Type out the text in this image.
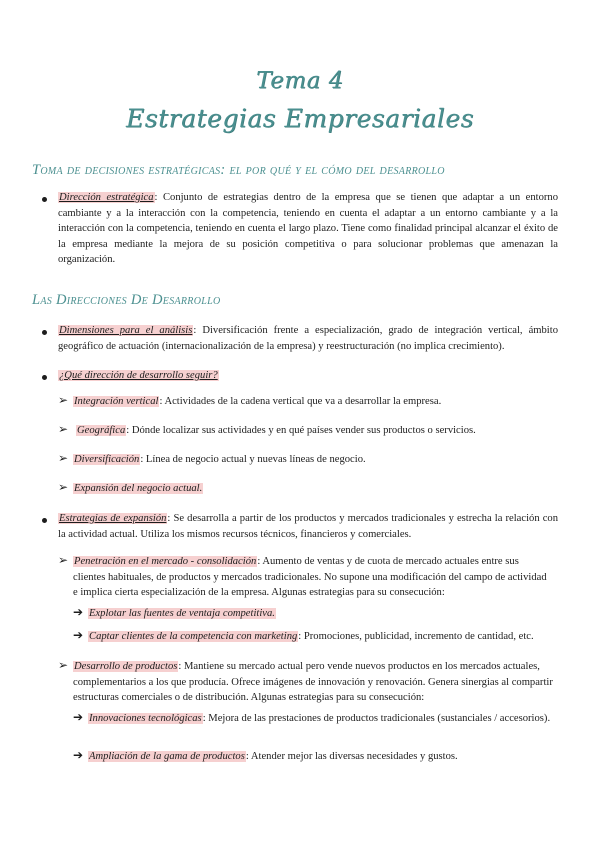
Tema 4
Estrategias Empresariales
Toma de decisiones estratégicas: el por qué y el cómo del desarrollo
Dirección estratégica: Conjunto de estrategias dentro de la empresa que se tienen que adaptar a un entorno cambiante y a la interacción con la competencia, teniendo en cuenta el adaptar a un entorno cambiante y a la interacción con la competencia, teniendo en cuenta el largo plazo. Tiene como finalidad principal alcanzar el éxito de la empresa mediante la mejora de su posición competitiva o para solucionar problemas que amenazan la organización.
Las Direcciones De Desarrollo
Dimensiones para el análisis: Diversificación frente a especialización, grado de integración vertical, ámbito geográfico de actuación (internacionalización de la empresa) y reestructuración (no implica crecimiento).
¿Qué dirección de desarrollo seguir?
➢ Integración vertical: Actividades de la cadena vertical que va a desarrollar la empresa.
➢ Geográfica: Dónde localizar sus actividades y en qué países vender sus productos o servicios.
➢ Diversificación: Línea de negocio actual y nuevas líneas de negocio.
➢ Expansión del negocio actual.
Estrategias de expansión: Se desarrolla a partir de los productos y mercados tradicionales y estrecha la relación con la actividad actual. Utiliza los mismos recursos técnicos, financieros y comerciales.
➢ Penetración en el mercado - consolidación: Aumento de ventas y de cuota de mercado actuales entre sus clientes habituales, de productos y mercados tradicionales. No supone una modificación del campo de actividad e implica cierta especialización de la empresa. Algunas estrategias para su consecución:
➔ Explotar las fuentes de ventaja competitiva.
➔ Captar clientes de la competencia con marketing: Promociones, publicidad, incremento de cantidad, etc.
➢ Desarrollo de productos: Mantiene su mercado actual pero vende nuevos productos en los mercados actuales, complementarios a los que producía. Ofrece imágenes de innovación y renovación. Genera sinergias al compartir estructuras comerciales o de distribución. Algunas estrategias para su consecución:
➔ Innovaciones tecnológicas: Mejora de las prestaciones de productos tradicionales (sustanciales / accesorios).
➔ Ampliación de la gama de productos: Atender mejor las diversas necesidades y gustos.
